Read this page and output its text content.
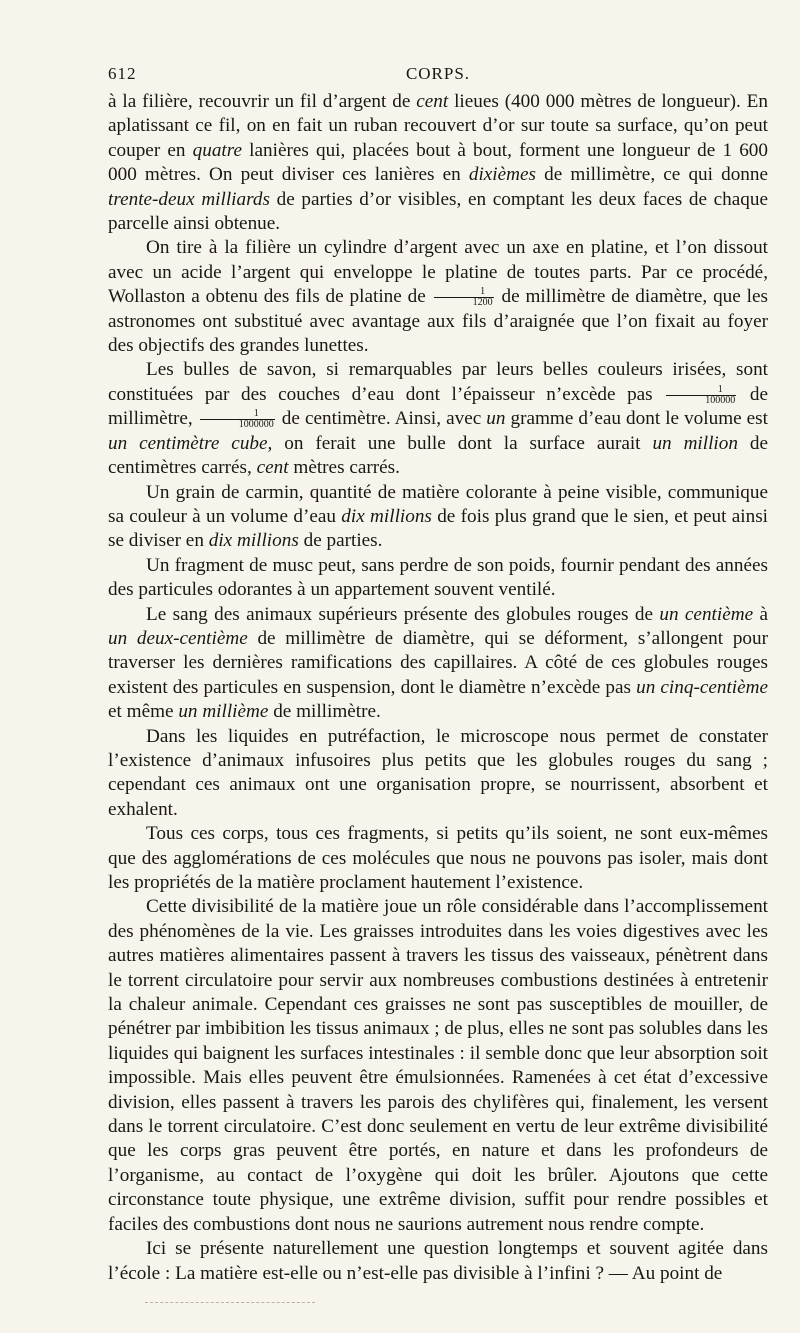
612	CORPS.

à la filière, recouvrir un fil d’argent de cent lieues (400 000 mètres de longueur). En aplatissant ce fil, on en fait un ruban recouvert d’or sur toute sa surface, qu’on peut couper en quatre lanières qui, placées bout à bout, forment une longueur de 1 600 000 mètres. On peut diviser ces lanières en dixièmes de millimètre, ce qui donne trente-deux milliards de parties d’or visibles, en comptant les deux faces de chaque parcelle ainsi obtenue.

On tire à la filière un cylindre d’argent avec un axe en platine, et l’on dissout avec un acide l’argent qui enveloppe le platine de toutes parts. Par ce procédé, Wollaston a obtenu des fils de platine de $\frac{1}{1200}$ de millimètre de diamètre, que les astronomes ont substitué avec avantage aux fils d’araignée que l’on fixait au foyer des objectifs des grandes lunettes.

Les bulles de savon, si remarquables par leurs belles couleurs irisées, sont constituées par des couches d’eau dont l’épaisseur n’excède pas $\frac{1}{100000}$ de millimètre, $\frac{1}{1000000}$ de centimètre. Ainsi, avec un gramme d’eau dont le volume est un centimètre cube, on ferait une bulle dont la surface aurait un million de centimètres carrés, cent mètres carrés.

Un grain de carmin, quantité de matière colorante à peine visible, communique sa couleur à un volume d’eau dix millions de fois plus grand que le sien, et peut ainsi se diviser en dix millions de parties.

Un fragment de musc peut, sans perdre de son poids, fournir pendant des années des particules odorantes à un appartement souvent ventilé.

Le sang des animaux supérieurs présente des globules rouges de un centième à un deux-centième de millimètre de diamètre, qui se déforment, s’allongent pour traverser les dernières ramifications des capillaires. A côté de ces globules rouges existent des particules en suspension, dont le diamètre n’excède pas un cinq-centième et même un millième de millimètre.

Dans les liquides en putréfaction, le microscope nous permet de constater l’existence d’animaux infusoires plus petits que les globules rouges du sang ; cependant ces animaux ont une organisation propre, se nourrissent, absorbent et exhalent.

Tous ces corps, tous ces fragments, si petits qu’ils soient, ne sont eux-mêmes que des agglomérations de ces molécules que nous ne pouvons pas isoler, mais dont les propriétés de la matière proclament hautement l’existence.

Cette divisibilité de la matière joue un rôle considérable dans l’accomplissement des phénomènes de la vie. Les graisses introduites dans les voies digestives avec les autres matières alimentaires passent à travers les tissus des vaisseaux, pénètrent dans le torrent circulatoire pour servir aux nombreuses combustions destinées à entretenir la chaleur animale. Cependant ces graisses ne sont pas susceptibles de mouiller, de pénétrer par imbibition les tissus animaux ; de plus, elles ne sont pas solubles dans les liquides qui baignent les surfaces intestinales : il semble donc que leur absorption soit impossible. Mais elles peuvent être émulsionnées. Ramenées à cet état d’excessive division, elles passent à travers les parois des chylifères qui, finalement, les versent dans le torrent circulatoire. C’est donc seulement en vertu de leur extrême divisibilité que les corps gras peuvent être portés, en nature et dans les profondeurs de l’organisme, au contact de l’oxygène qui doit les brûler. Ajoutons que cette circonstance toute physique, une extrême division, suffit pour rendre possibles et faciles des combustions dont nous ne saurions autrement nous rendre compte.

Ici se présente naturellement une question longtemps et souvent agitée dans l’école : La matière est-elle ou n’est-elle pas divisible à l’infini ? — Au point de
